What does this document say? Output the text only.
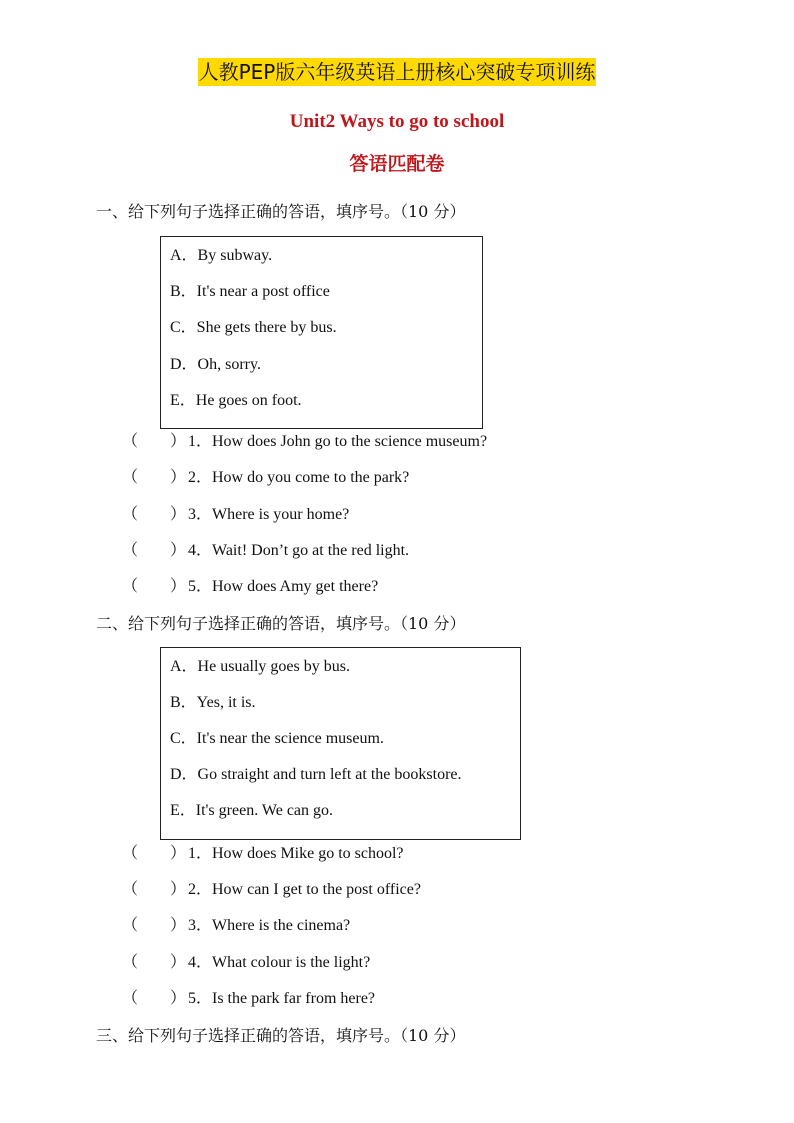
人教PEP版六年级英语上册核心突破专项训练
Unit2 Ways to go to school
答语匹配卷
一、给下列句子选择正确的答语，填序号。（10 分）
A．By subway.
B．It's near a post office
C．She gets there by bus.
D．Oh, sorry.
E．He goes on foot.
（ ） 1．How does John go to the science museum?
（ ） 2．How do you come to the park?
（ ） 3．Where is your home?
（ ） 4．Wait! Don’t go at the red light.
（ ） 5．How does Amy get there?
二、给下列句子选择正确的答语，填序号。（10 分）
A．He usually goes by bus.
B．Yes, it is.
C．It's near the science museum.
D．Go straight and turn left at the bookstore.
E．It's green. We can go.
（ ） 1．How does Mike go to school?
（ ） 2．How can I get to the post office?
（ ） 3．Where is the cinema?
（ ） 4．What colour is the light?
（ ） 5．Is the park far from here?
三、给下列句子选择正确的答语，填序号。（10 分）
